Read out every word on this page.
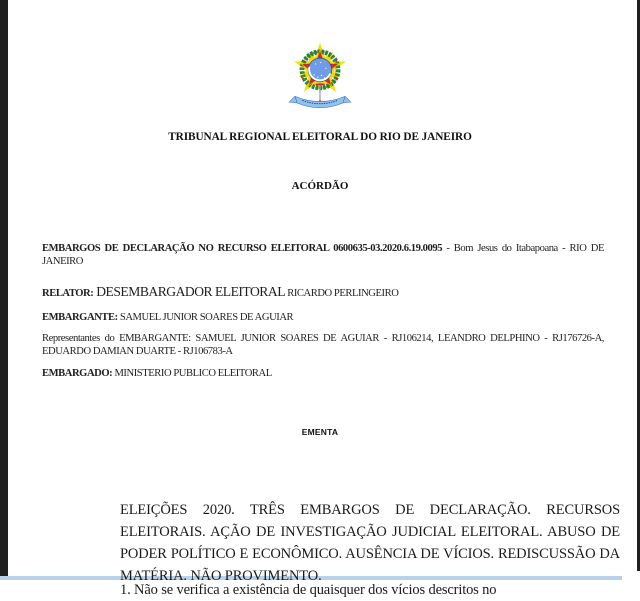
TRIBUNAL REGIONAL ELEITORAL DO RIO DE JANEIRO
ACÓRDÃO

EMBARGOS DE DECLARAÇÃO NO RECURSO ELEITORAL 0600635-03.2020.6.19.0095 - Bom Jesus do Itabapoana - RIO DE JANEIRO

RELATOR: DESEMBARGADOR ELEITORAL RICARDO PERLINGEIRO

EMBARGANTE: SAMUEL JUNIOR SOARES DE AGUIAR

Representantes do EMBARGANTE: SAMUEL JUNIOR SOARES DE AGUIAR - RJ106214, LEANDRO DELPHINO - RJ176726-A, EDUARDO DAMIAN DUARTE - RJ106783-A

EMBARGADO: MINISTERIO PUBLICO ELEITORAL

EMENTA

ELEIÇÕES 2020. TRÊS EMBARGOS DE DECLARAÇÃO. RECURSOS ELEITORAIS. AÇÃO DE INVESTIGAÇÃO JUDICIAL ELEITORAL. ABUSO DE PODER POLÍTICO E ECONÔMICO. AUSÊNCIA DE VÍCIOS. REDISCUSSÃO DA MATÉRIA. NÃO PROVIMENTO.

1. Não se verifica a existência de quaisquer dos vícios descritos no
